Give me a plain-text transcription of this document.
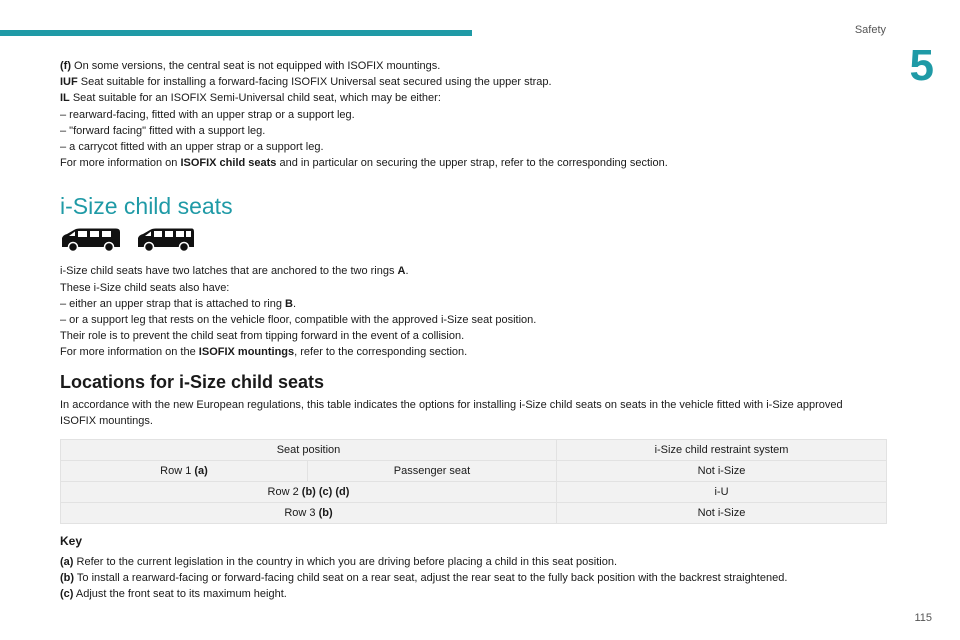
Safety
5

(f) On some versions, the central seat is not equipped with ISOFIX mountings.

IUF Seat suitable for installing a forward-facing ISOFIX Universal seat secured using the upper strap.

IL Seat suitable for an ISOFIX Semi-Universal child seat, which may be either:

– rearward-facing, fitted with an upper strap or a support leg.

– "forward facing" fitted with a support leg.

– a carrycot fitted with an upper strap or a support leg.

For more information on ISOFIX child seats and in particular on securing the upper strap, refer to the corresponding section.

i-Size child seats

i-Size child seats have two latches that are anchored to the two rings A.

These i-Size child seats also have:

– either an upper strap that is attached to ring B.

– or a support leg that rests on the vehicle floor, compatible with the approved i-Size seat position.

Their role is to prevent the child seat from tipping forward in the event of a collision.

For more information on the ISOFIX mountings, refer to the corresponding section.

Locations for i-Size child seats

In accordance with the new European regulations, this table indicates the options for installing i-Size child seats on seats in the vehicle fitted with i-Size approved ISOFIX mountings.

Seat position		i-Size child restraint system
Row 1 (a)	Passenger seat	Not i-Size
Row 2 (b) (c) (d)		i-U
Row 3 (b)		Not i-Size
Key

(a) Refer to the current legislation in the country in which you are driving before placing a child in this seat position.

(b) To install a rearward-facing or forward-facing child seat on a rear seat, adjust the rear seat to the fully back position with the backrest straightened.

(c) Adjust the front seat to its maximum height.

115
